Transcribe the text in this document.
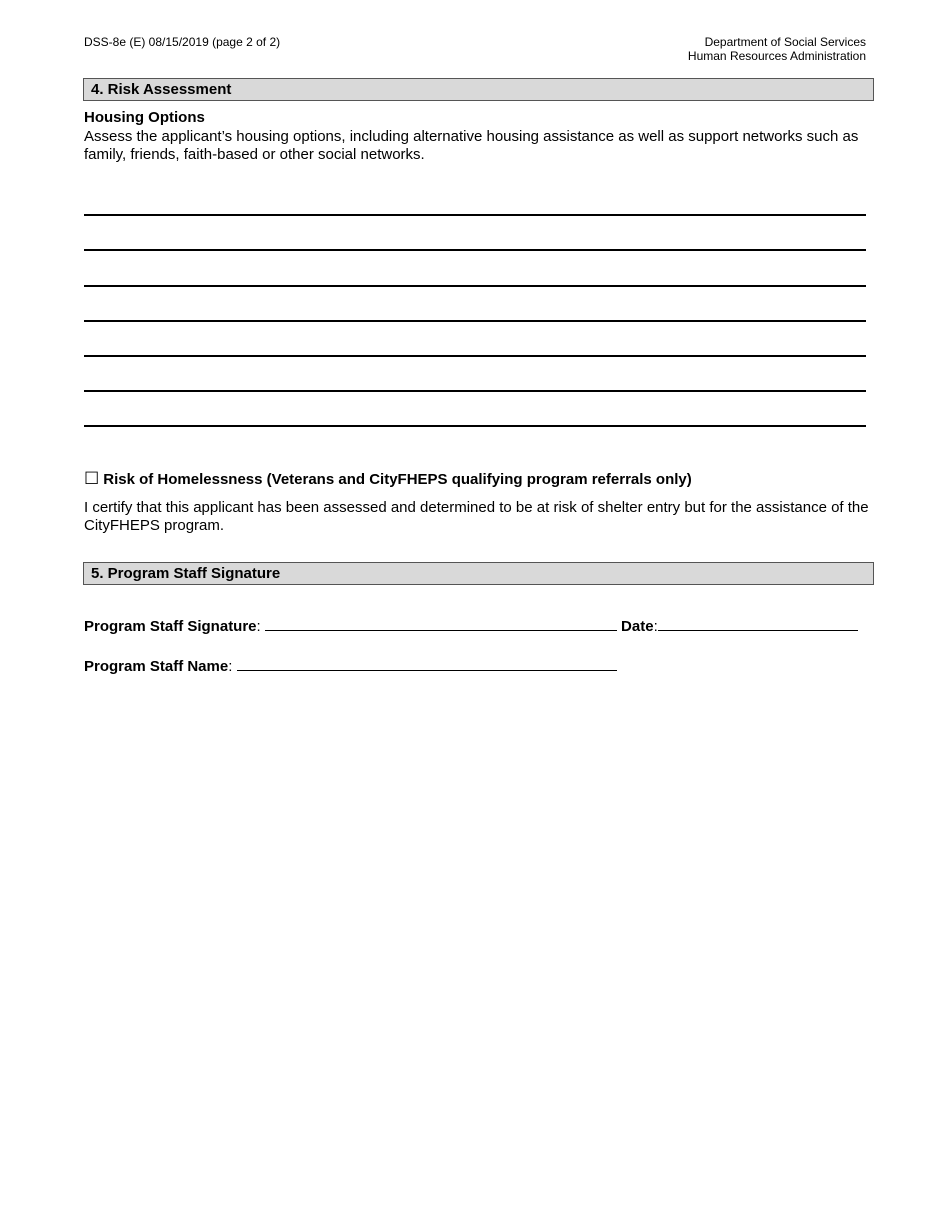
DSS-8e (E) 08/15/2019 (page 2 of 2)	Department of Social Services
Human Resources Administration
4. Risk Assessment
Housing Options
Assess the applicant’s housing options, including alternative housing assistance as well as support networks such as family, friends, faith-based or other social networks.
☐ Risk of Homelessness (Veterans and CityFHEPS qualifying program referrals only)
I certify that this applicant has been assessed and determined to be at risk of shelter entry but for the assistance of the CityFHEPS program.
5. Program Staff Signature
Program Staff Signature:	Date:
Program Staff Name:
